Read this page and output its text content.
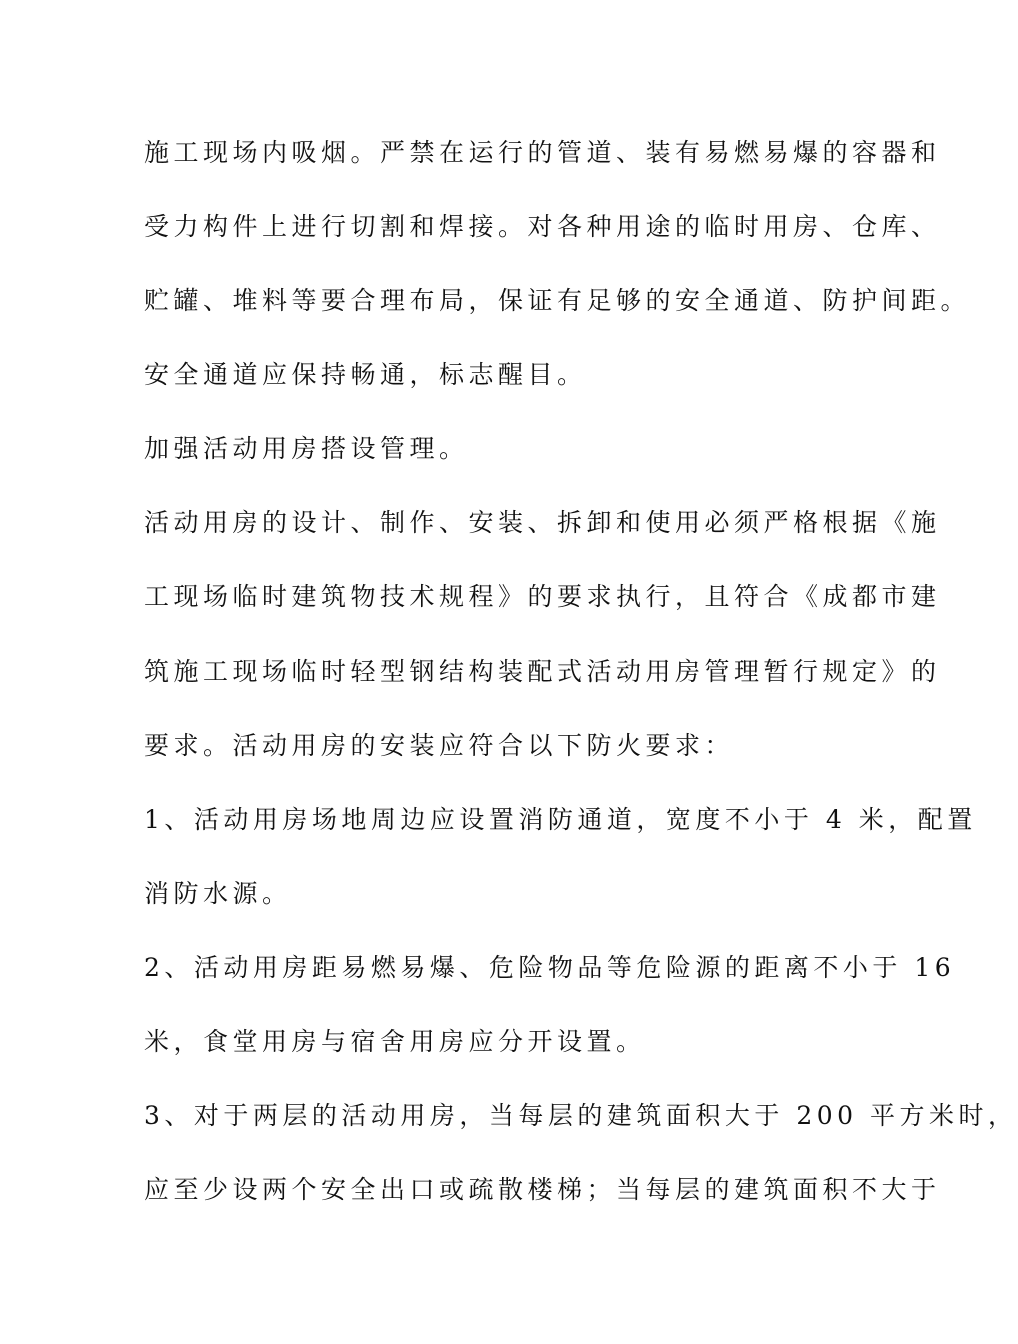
施工现场内吸烟。严禁在运行的管道、装有易燃易爆的容器和
受力构件上进行切割和焊接。对各种用途的临时用房、仓库、
贮罐、堆料等要合理布局，保证有足够的安全通道、防护间距。
安全通道应保持畅通，标志醒目。
加强活动用房搭设管理。
活动用房的设计、制作、安装、拆卸和使用必须严格根据《施
工现场临时建筑物技术规程》的要求执行，且符合《成都市建
筑施工现场临时轻型钢结构装配式活动用房管理暂行规定》的
要求。活动用房的安装应符合以下防火要求：
1、活动用房场地周边应设置消防通道，宽度不小于 4 米，配置
消防水源。
2、活动用房距易燃易爆、危险物品等危险源的距离不小于 16
米，食堂用房与宿舍用房应分开设置。
3、对于两层的活动用房，当每层的建筑面积大于 200 平方米时，
应至少设两个安全出口或疏散楼梯；当每层的建筑面积不大于
